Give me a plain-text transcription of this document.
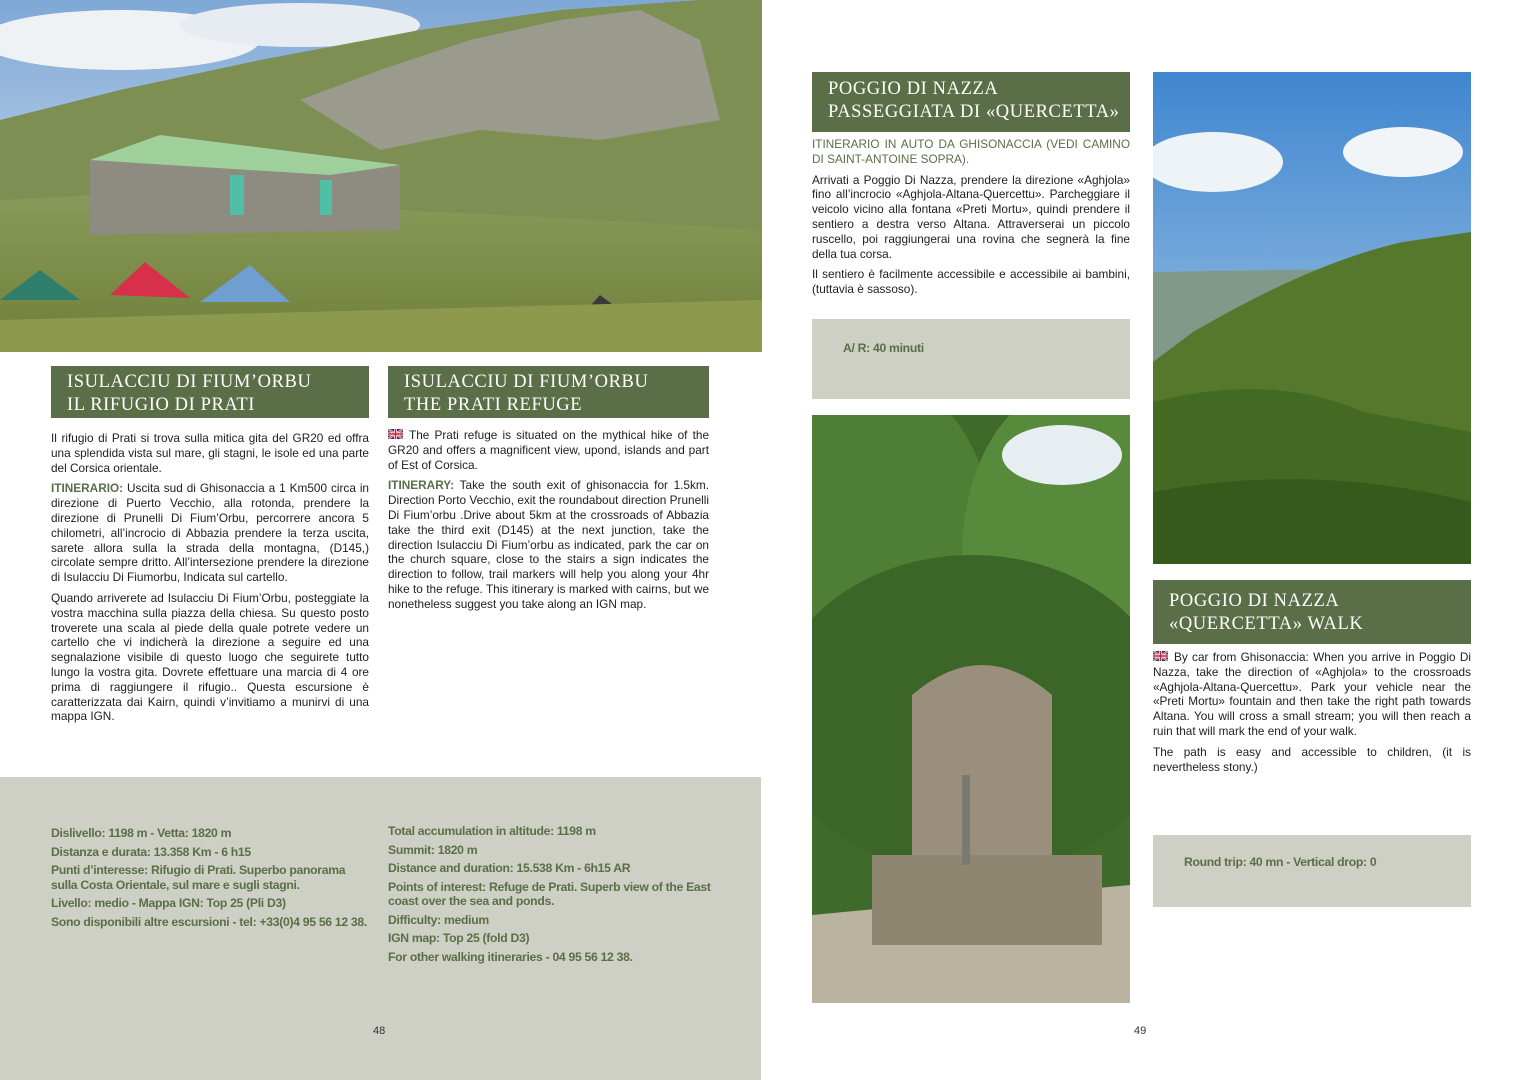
ISULACCIU DI FIUM’ORBU
IL RIFUGIO DI PRATI
ISULACCIU DI FIUM’ORBU
THE PRATI REFUGE

Il rifugio di Prati si trova sulla mitica gita del GR20 ed offra una splendida vista sul mare, gli stagni, le isole ed una parte del Corsica orientale.

ITINERARIO: Uscita sud di Ghisonaccia a 1 Km500 circa in direzione di Puerto Vecchio, alla rotonda, prendere la direzione di Prunelli Di Fium’Orbu, percorrere ancora 5 chilometri, all’incrocio di Abbazia prendere la terza uscita, sarete allora sulla la strada della montagna, (D145,) circolate sempre dritto. All’intersezione prendere la direzione di Isulacciu Di Fiumorbu, Indicata sul cartello.

Quando arriverete ad Isulacciu Di Fium’Orbu, posteggiate la vostra macchina sulla piazza della chiesa. Su questo posto troverete una scala al piede della quale potrete vedere un cartello che vi indicherà la direzione a seguire ed una segnalazione visibile di questo luogo che seguirete tutto lungo la vostra gita. Dovrete effettuare una marcia di 4 ore prima di raggiungere il rifugio.. Questa escursione è caratterizzata dai Kairn, quindi v’invitiamo a munirvi di una mappa IGN.

The Prati refuge is situated on the mythical hike of the GR20 and offers a magnificent view, upond, islands and part of Est of Corsica.

ITINERARY: Take the south exit of ghisonaccia for 1.5km. Direction Porto Vecchio, exit the roundabout direction Prunelli Di Fium’orbu .Drive about 5km at the crossroads of Abbazia take the third exit (D145) at the next junction, take the direction Isulacciu Di Fium’orbu as indicated, park the car on the church square, close to the stairs a sign indicates the direction to follow, trail markers will help you along your 4hr hike to the refuge. This itinerary is marked with cairns, but we nonetheless suggest you take along an IGN map.

Dislivello: 1198 m - Vetta: 1820 m
Distanza e durata: 13.358 Km - 6 h15
Punti d’interesse: Rifugio di Prati. Superbo panorama sulla Costa Orientale, sul mare e sugli stagni.
Livello: medio - Mappa IGN: Top 25 (Pli D3)
Sono disponibili altre escursioni - tel: +33(0)4 95 56 12 38.
Total accumulation in altitude: 1198 m
Summit: 1820 m
Distance and duration: 15.538 Km - 6h15 AR
Points of interest: Refuge de Prati. Superb view of the East coast over the sea and ponds.
Difficulty: medium
IGN map: Top 25 (fold D3)
For other walking itineraries - 04 95 56 12 38.
48
POGGIO DI NAZZA
PASSEGGIATA DI «QUERCETTA»

ITINERARIO IN AUTO DA GHISONACCIA (VEDI CAMINO DI SAINT-ANTOINE SOPRA).

Arrivati a Poggio Di Nazza, prendere la direzione «Aghjola» fino all’incrocio «Aghjola-Altana-Quercettu». Parcheggiare il veicolo vicino alla fontana «Preti Mortu», quindi prendere il sentiero a destra verso Altana. Attraverserai un piccolo ruscello, poi raggiungerai una rovina che segnerà la fine della tua corsa.

Il sentiero è facilmente accessibile e accessibile ai bambini, (tuttavia è sassoso).

A/ R: 40 minuti
POGGIO DI NAZZA
«QUERCETTA» WALK

By car from Ghisonaccia: When you arrive in Poggio Di Nazza, take the direction of «Aghjola» to the crossroads «Aghjola-Altana-Quercettu». Park your vehicle near the «Preti Mortu» fountain and then take the right path towards Altana. You will cross a small stream; you will then reach a ruin that will mark the end of your walk.

The path is easy and accessible to children, (it is nevertheless stony.)

Round trip: 40 mn - Vertical drop: 0
49
